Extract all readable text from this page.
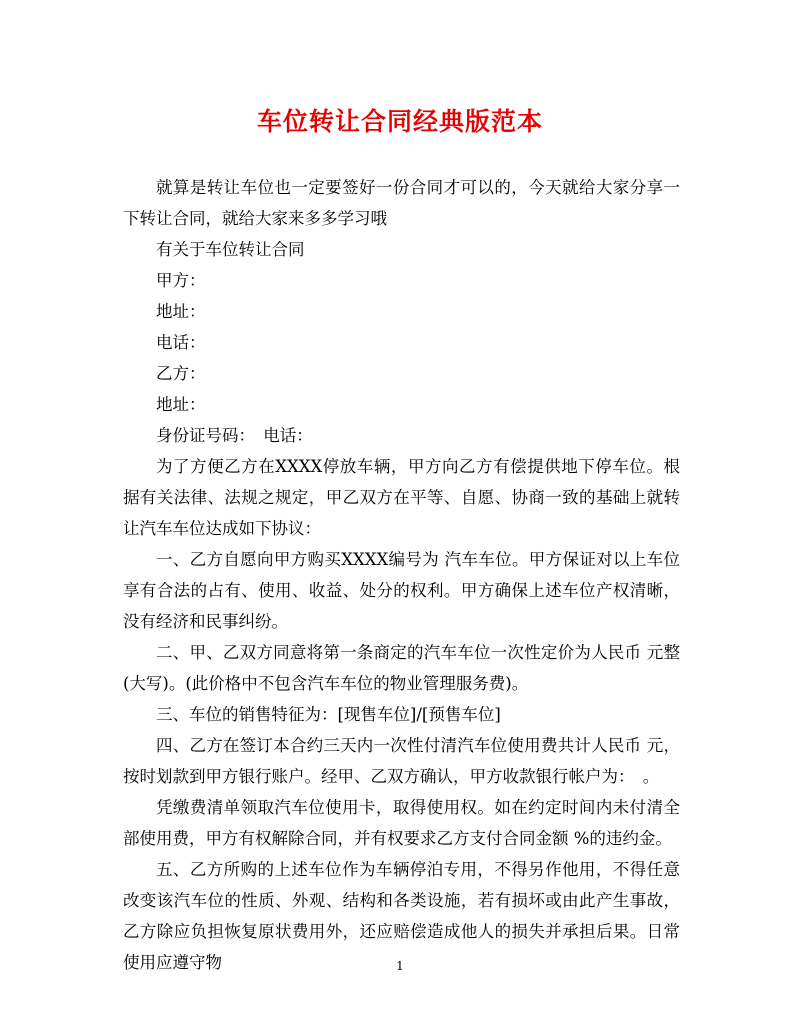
车位转让合同经典版范本

就算是转让车位也一定要签好一份合同才可以的，今天就给大家分享一下转让合同，就给大家来多多学习哦

有关于车位转让合同

甲方：

地址：

电话：

乙方：

地址：

身份证号码：　电话：

为了方便乙方在XXXX停放车辆，甲方向乙方有偿提供地下停车位。根据有关法律、法规之规定，甲乙双方在平等、自愿、协商一致的基础上就转让汽车车位达成如下协议：

一、乙方自愿向甲方购买XXXX编号为 汽车车位。甲方保证对以上车位享有合法的占有、使用、收益、处分的权利。甲方确保上述车位产权清晰，没有经济和民事纠纷。

二、甲、乙双方同意将第一条商定的汽车车位一次性定价为人民币 元整(大写)。(此价格中不包含汽车车位的物业管理服务费)。

三、车位的销售特征为：[现售车位]/[预售车位]

四、乙方在签订本合约三天内一次性付清汽车位使用费共计人民币 元，按时划款到甲方银行账户。经甲、乙双方确认，甲方收款银行帐户为：　。

凭缴费清单领取汽车位使用卡，取得使用权。如在约定时间内未付清全部使用费，甲方有权解除合同，并有权要求乙方支付合同金额 %的违约金。

五、乙方所购的上述车位作为车辆停泊专用，不得另作他用，不得任意改变该汽车位的性质、外观、结构和各类设施，若有损坏或由此产生事故，乙方除应负担恢复原状费用外，还应赔偿造成他人的损失并承担后果。日常使用应遵守物	1
